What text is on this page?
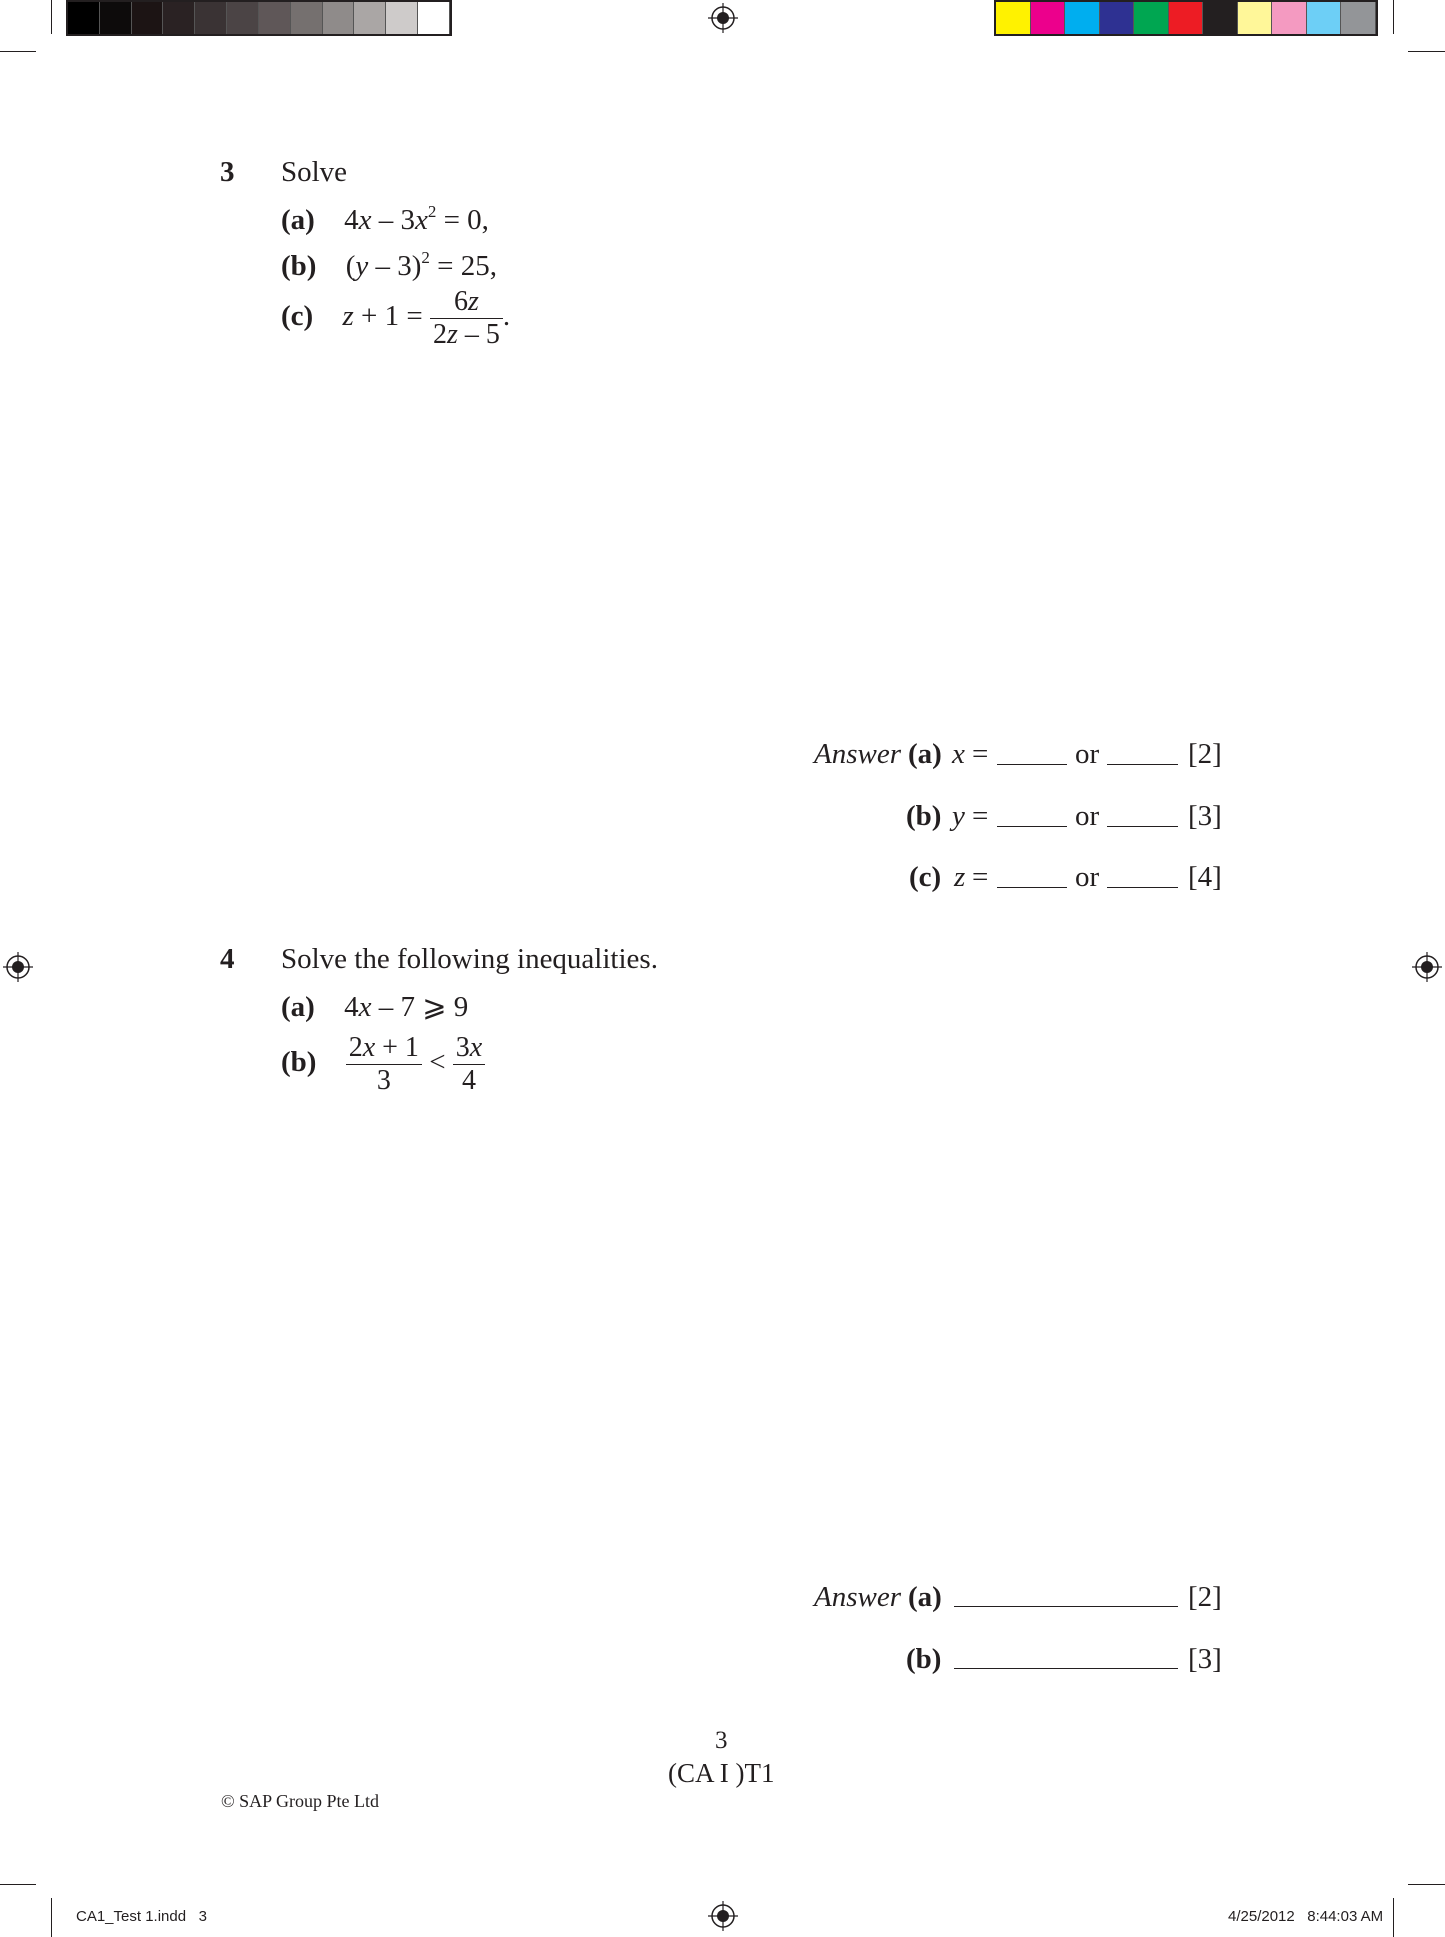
3 Solve
(a) $4x - 3x^2 = 0$,
(b) (y – 3)$^2$ = 25,
(c) $z + 1 = \frac{6z}{2z - 5}$ .
Answer (a) x =	or	[2]
(b) y =	or	[3]
(c) z =	or	[4]
4 Solve the following inequalities.
(a) 4x – 7 ⩾ 9
$(b) \frac{2x + 1}{3} < \frac{3x}{4}$
Answer (a)	[2]
(b)	[3]
3
(CA I )T1
© SAP Group Pte Ltd
CA1_Test 1.indd   3	4/25/2012   8:44:03 AM
